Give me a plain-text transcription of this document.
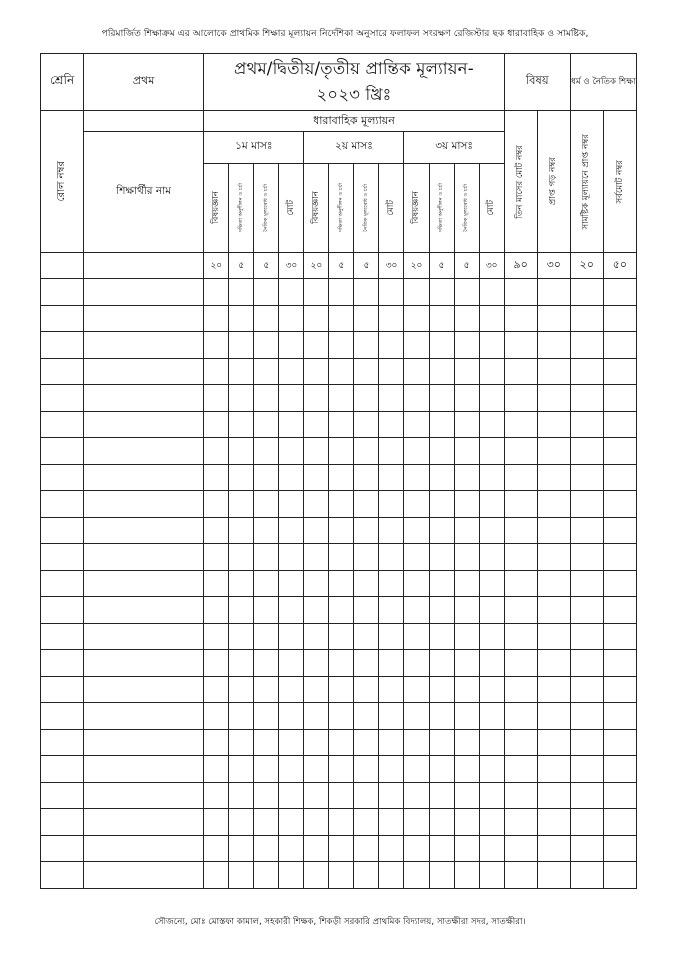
পরিমার্জিত শিক্ষাক্রম এর আলোকে প্রাথমিক শিক্ষার মূল্যায়ন নির্দেশিকা অনুসারে ফলাফল সংরক্ষণ রেজিস্টার ছক ধারাবাহিক ও সামষ্টিক,
শ্রেনি	প্রথম	প্রথম/দ্বিতীয়/তৃতীয় প্রান্তিক মূল্যায়ন-
২০২৩ খ্রিঃ												বিষয়		ধর্ম ও নৈতিক শিক্ষা	

রোল নম্বর		ধারাবাহিক মূল্যায়ন												তিন মাসের মোট নম্বর	প্রাপ্ত গড় নম্বর	সামষ্টিক মূল্যায়নে প্রাপ্ত নম্বর	সর্বমোট নম্বর

	শিক্ষার্থীর নাম	১ম মাসঃ				২য় মাসঃ				৩য় মাসঃ							

		বিষয়জ্ঞান	দক্ষিতা অনুশীলন ও চর্চা	নৈতিক মূল্যবোধ ও চর্চা	মোট	বিষয়জ্ঞান	দক্ষিতা অনুশীলন ও চর্চা	নৈতিক মূল্যবোধ ও চর্চা	মোট	বিষয়জ্ঞান	দক্ষিতা অনুশীলন ও চর্চা	নৈতিক মূল্যবোধ ও চর্চা	মোট				

		২০	৫	৫	৩০	২০	৫	৫	৩০	২০	৫	৫	৩০	৯০	৩০	২০	৫০

সৌজন্যে, মোঃ মোস্তফা কামাল, সহকারী শিক্ষক, শিকড়ী সরকারি প্রাথমিক বিদ্যালয়, সাতক্ষীরা সদর, সাতক্ষীরা।
